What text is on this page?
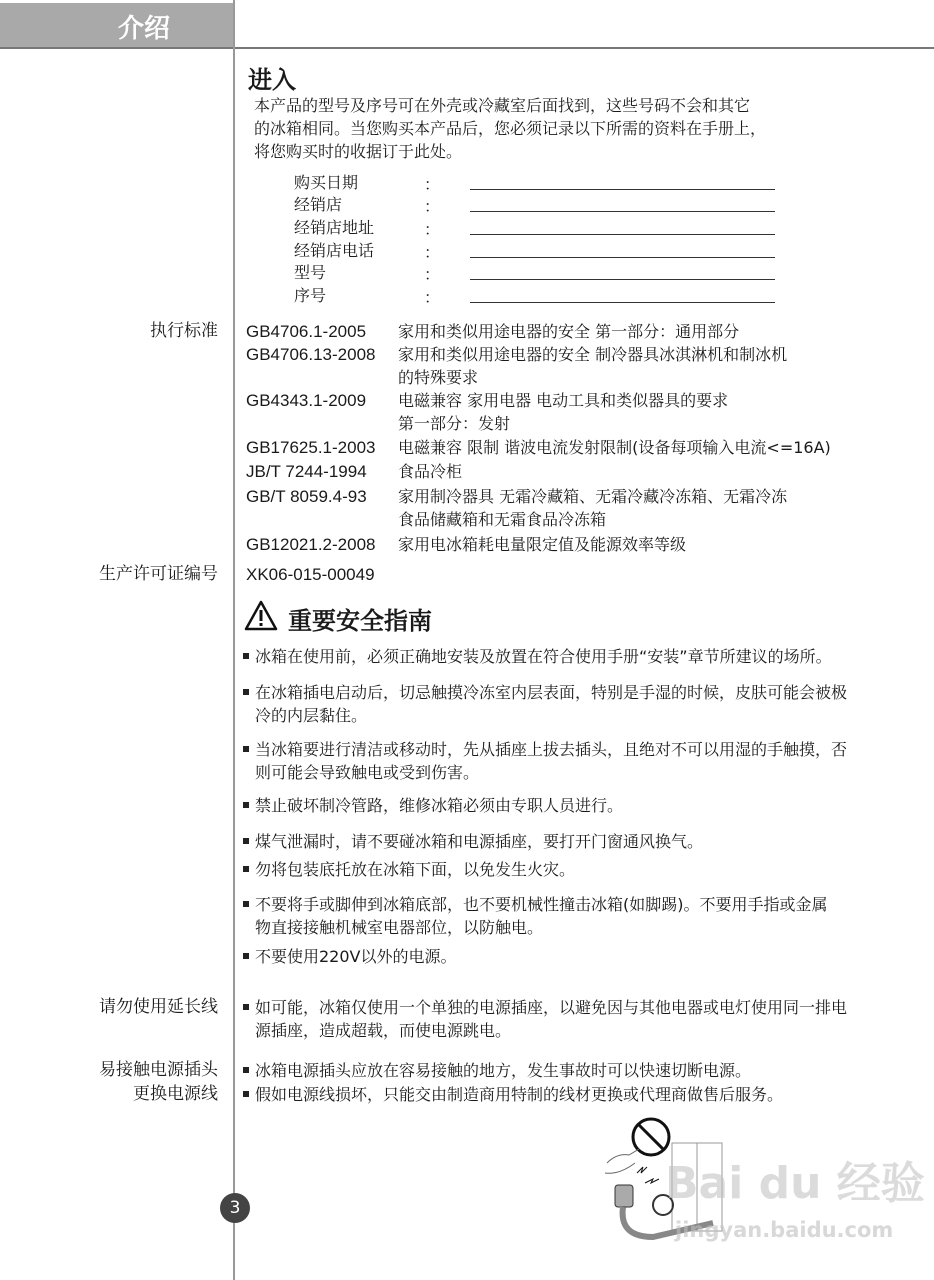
介绍
进入
本产品的型号及序号可在外壳或冷藏室后面找到，这些号码不会和其它
的冰箱相同。当您购买本产品后，您必须记录以下所需的资料在手册上，
将您购买时的收据订于此处。
购买日期	：
经销店	：
经销店地址	：
经销店电话	：
型号	：
序号	：
执行标准 GB4706.1-2005 家用和类似用途电器的安全 第一部分：通用部分
GB4706.13-2008 家用和类似用途电器的安全 制冷器具冰淇淋机和制冰机
的特殊要求
GB4343.1-2009 电磁兼容 家用电器 电动工具和类似器具的要求
第一部分：发射
GB17625.1-2003 电磁兼容 限制 谐波电流发射限制(设备每项输入电流<=16A)
JB/T 7244-1994 食品冷柜
GB/T 8059.4-93 家用制冷器具 无霜冷藏箱、无霜冷藏冷冻箱、无霜冷冻
食品储藏箱和无霜食品冷冻箱
GB12021.2-2008 家用电冰箱耗电量限定值及能源效率等级
生产许可证编号 XK06-015-00049
重要安全指南
冰箱在使用前，必须正确地安装及放置在符合使用手册“安装”章节所建议的场所。
在冰箱插电启动后，切忌触摸冷冻室内层表面，特别是手湿的时候，皮肤可能会被极
冷的内层黏住。
当冰箱要进行清洁或移动时，先从插座上拔去插头，且绝对不可以用湿的手触摸，否
则可能会导致触电或受到伤害。
禁止破坏制冷管路，维修冰箱必须由专职人员进行。
煤气泄漏时，请不要碰冰箱和电源插座，要打开门窗通风换气。
勿将包装底托放在冰箱下面，以免发生火灾。
不要将手或脚伸到冰箱底部，也不要机械性撞击冰箱(如脚踢)。不要用手指或金属
物直接接触机械室电器部位，以防触电。
不要使用220V以外的电源。
请勿使用延长线	如可能，冰箱仅使用一个单独的电源插座，以避免因与其他电器或电灯使用同一排电
源插座，造成超载，而使电源跳电。
易接触电源插头
更换电源线
冰箱电源插头应放在容易接触的地方，发生事故时可以快速切断电源。
假如电源线损坏，只能交由制造商用特制的线材更换或代理商做售后服务。
Bai du 经验
jingyan.baidu.com
3
